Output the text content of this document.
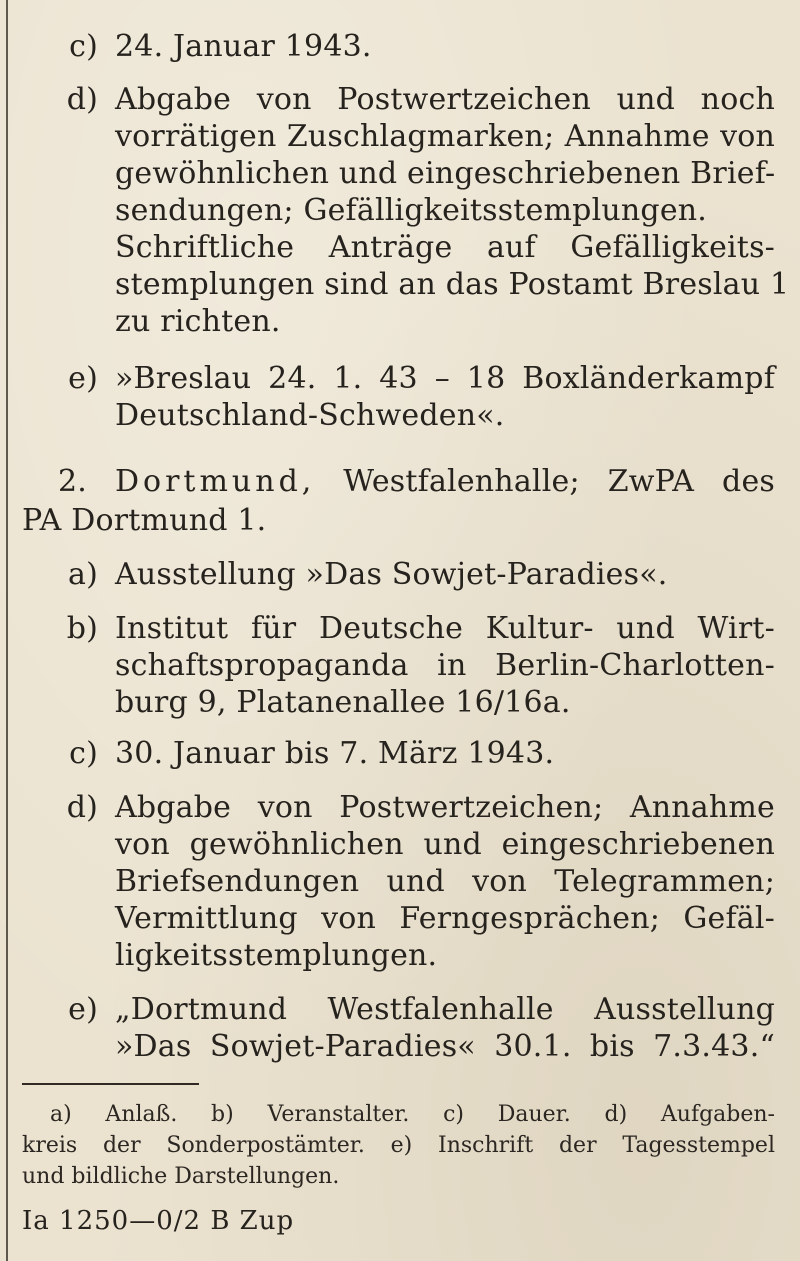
c) 24. Januar 1943.
d) Abgabe von Postwertzeichen und noch
vorrätigen Zuschlagmarken; Annahme von
gewöhnlichen und eingeschriebenen Brief-
sendungen; Gefälligkeitsstemplungen.
Schriftliche Anträge auf Gefälligkeits-
stemplungen sind an das Postamt Breslau 1
zu richten.
e) »Breslau 24. 1. 43 – 18 Boxländerkampf
Deutschland-Schweden«.
2. Dortmund, Westfalenhalle; ZwPA des
PA Dortmund 1.
a) Ausstellung »Das Sowjet-Paradies«.
b) Institut für Deutsche Kultur- und Wirt-
schaftspropaganda in Berlin-Charlotten-
burg 9, Platanenallee 16/16a.
c) 30. Januar bis 7. März 1943.
d) Abgabe von Postwertzeichen; Annahme
von gewöhnlichen und eingeschriebenen
Briefsendungen und von Telegrammen;
Vermittlung von Ferngesprächen; Gefäl-
ligkeitsstemplungen.
e) „Dortmund Westfalenhalle Ausstellung
»Das Sowjet-Paradies« 30.1. bis 7.3.43.“
a) Anlaß. b) Veranstalter. c) Dauer. d) Aufgaben-
kreis der Sonderpostämter. e) Inschrift der Tagesstempel
und bildliche Darstellungen.
Ia 1250—0/2 B Zup
